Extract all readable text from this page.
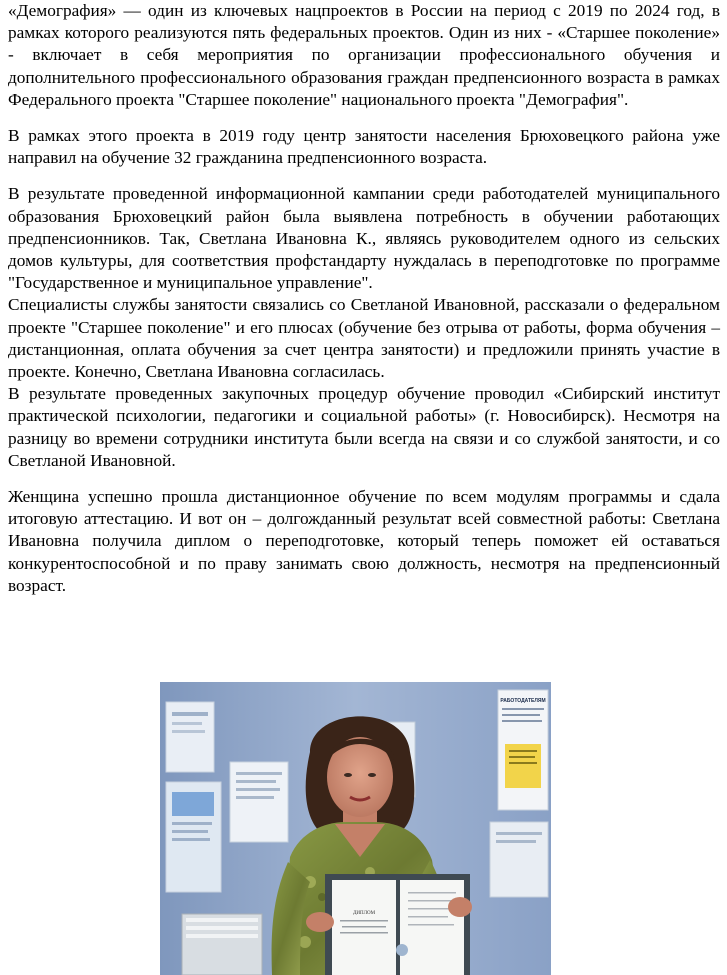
«Демография» — один из ключевых нацпроектов в России на период с 2019 по 2024 год, в рамках которого реализуются пять федеральных проектов. Один из них - «Старшее поколение» - включает в себя мероприятия по организации профессионального обучения и дополнительного профессионального образования граждан предпенсионного возраста в рамках Федерального проекта "Старшее поколение" национального проекта "Демография".

В рамках этого проекта в 2019 году центр занятости населения Брюховецкого района уже направил на обучение 32 гражданина предпенсионного возраста.

В результате проведенной информационной кампании среди работодателей муниципального образования Брюховецкий район была выявлена потребность в обучении работающих предпенсионников. Так, Светлана Ивановна К., являясь руководителем одного из сельских домов культуры, для соответствия профстандарту нуждалась в переподготовке по программе "Государственное и муниципальное управление".

Специалисты службы занятости связались со Светланой Ивановной, рассказали о федеральном проекте "Старшее поколение" и его плюсах (обучение без отрыва от работы, форма обучения – дистанционная, оплата обучения за счет центра занятости) и предложили принять участие в проекте. Конечно, Светлана Ивановна согласилась.

В результате проведенных закупочных процедур обучение проводил «Сибирский институт практической психологии, педагогики и социальной работы» (г. Новосибирск). Несмотря на разницу во времени сотрудники института были всегда на связи и со службой занятости, и со Светланой Ивановной.

Женщина успешно прошла дистанционное обучение по всем модулям программы и сдала итоговую аттестацию. И вот он – долгожданный результат всей совместной работы: Светлана Ивановна получила диплом о переподготовке, который теперь поможет ей оставаться конкурентоспособной и по праву занимать свою должность, несмотря на предпенсионный возраст.

РАБОТОДАТЕЛЯМ
ДИПЛОМ
